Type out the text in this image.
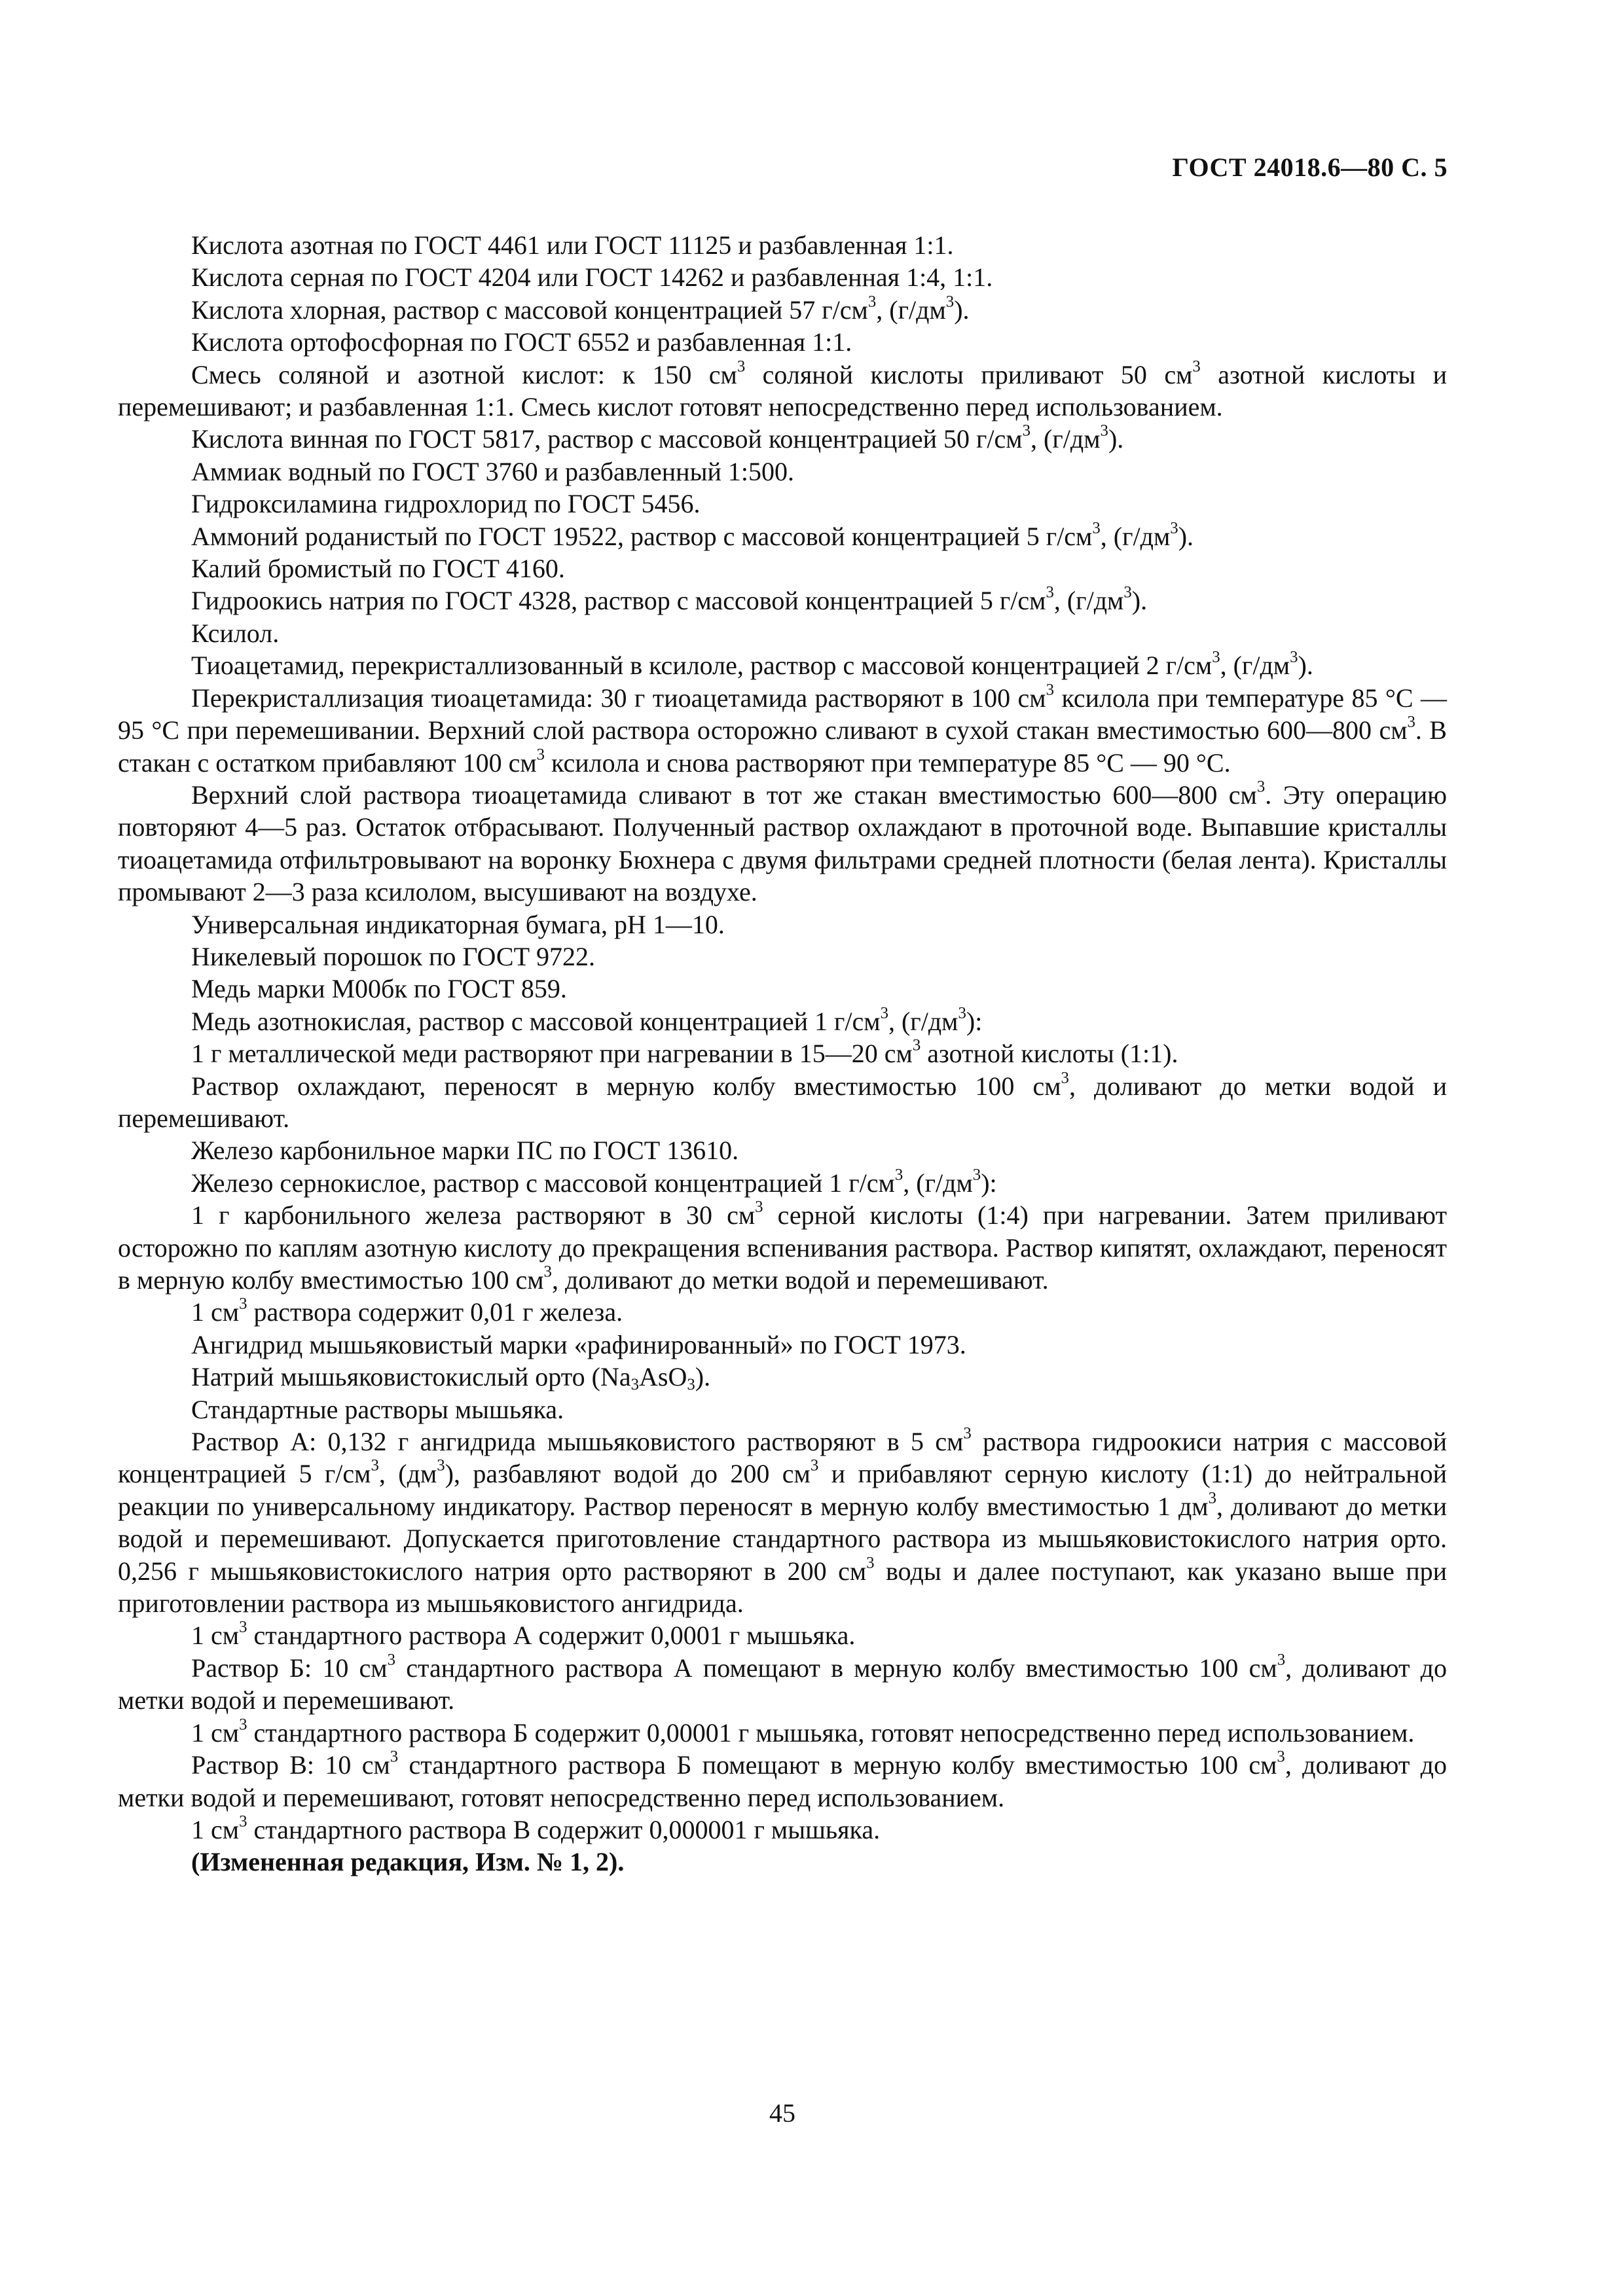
ГОСТ 24018.6—80 С. 5

Кислота азотная по ГОСТ 4461 или ГОСТ 11125 и разбавленная 1:1.

Кислота серная по ГОСТ 4204 или ГОСТ 14262 и разбавленная 1:4, 1:1.

Кислота хлорная, раствор с массовой концентрацией 57 $г/см^3$, $(г/дм^3)$.

Кислота ортофосфорная по ГОСТ 6552 и разбавленная 1:1.

Смесь соляной и азотной кислот: к 150 $см^3$ соляной кислоты приливают 50 $см^3$ азотной кислоты и перемешивают; и разбавленная 1:1. Смесь кислот готовят непосредственно перед использованием.

Кислота винная по ГОСТ 5817, раствор с массовой концентрацией 50 $г/см^3$, $(г/дм^3)$.

Аммиак водный по ГОСТ 3760 и разбавленный 1:500.

Гидроксиламина гидрохлорид по ГОСТ 5456.

Аммоний роданистый по ГОСТ 19522, раствор с массовой концентрацией 5 $г/см^3$, $(г/дм^3)$.

Калий бромистый по ГОСТ 4160.

Гидроокись натрия по ГОСТ 4328, раствор с массовой концентрацией 5 $г/см^3$, $(г/дм^3)$.

Ксилол.

Тиоацетамид, перекристаллизованный в ксилоле, раствор с массовой концентрацией 2 $г/см^3$, $(г/дм^3)$.

Перекристаллизация тиоацетамида: 30 г тиоацетамида растворяют в 100 $см^3$ ксилола при температуре 85 °С — 95 °С при перемешивании. Верхний слой раствора осторожно сливают в сухой стакан вместимостью 600—800 $см^3$. В стакан с остатком прибавляют 100 $см^3$ ксилола и снова растворяют при температуре 85 °С — 90 °С.

Верхний слой раствора тиоацетамида сливают в тот же стакан вместимостью 600—800 $см^3$. Эту операцию повторяют 4—5 раз. Остаток отбрасывают. Полученный раствор охлаждают в проточной воде. Выпавшие кристаллы тиоацетамида отфильтровывают на воронку Бюхнера с двумя фильтрами средней плотности (белая лента). Кристаллы промывают 2—3 раза ксилолом, высушивают на воздухе.

Универсальная индикаторная бумага, рН 1—10.

Никелевый порошок по ГОСТ 9722.

Медь марки М00бк по ГОСТ 859.

Медь азотнокислая, раствор с массовой концентрацией 1 $г/см^3$, $(г/дм^3)$:

1 г металлической меди растворяют при нагревании в 15—20 $см^3$ азотной кислоты (1:1).

Раствор охлаждают, переносят в мерную колбу вместимостью 100 $см^3$, доливают до метки водой и перемешивают.

Железо карбонильное марки ПС по ГОСТ 13610.

Железо сернокислое, раствор с массовой концентрацией 1 $г/см^3$, $(г/дм^3)$:

1 г карбонильного железа растворяют в 30 $см^3$ серной кислоты (1:4) при нагревании. Затем приливают осторожно по каплям азотную кислоту до прекращения вспенивания раствора. Раствор кипятят, охлаждают, переносят в мерную колбу вместимостью 100 $см^3$, доливают до метки водой и перемешивают.

1 $см^3$ раствора содержит 0,01 г железа.

Ангидрид мышьяковистый марки «рафинированный» по ГОСТ 1973.

Натрий мышьяковистокислый орто $(Na_3AsO_3)$.

Стандартные растворы мышьяка.

Раствор А: 0,132 г ангидрида мышьяковистого растворяют в 5 $см^3$ раствора гидроокиси натрия с массовой концентрацией 5 $г/см^3$, $(дм^3)$, разбавляют водой до 200 $см^3$ и прибавляют серную кислоту (1:1) до нейтральной реакции по универсальному индикатору. Раствор переносят в мерную колбу вместимостью 1 $дм^3$, доливают до метки водой и перемешивают. Допускается приготовление стандартного раствора из мышьяковистокислого натрия орто. 0,256 г мышьяковистокислого натрия орто растворяют в 200 $см^3$ воды и далее поступают, как указано выше при приготовлении раствора из мышьяковистого ангидрида.

1 $см^3$ стандартного раствора А содержит 0,0001 г мышьяка.

Раствор Б: 10 $см^3$ стандартного раствора А помещают в мерную колбу вместимостью 100 $см^3$, доливают до метки водой и перемешивают.

1 $см^3$ стандартного раствора Б содержит 0,00001 г мышьяка, готовят непосредственно перед использованием.

Раствор В: 10 $см^3$ стандартного раствора Б помещают в мерную колбу вместимостью 100 $см^3$, доливают до метки водой и перемешивают, готовят непосредственно перед использованием.

1 $см^3$ стандартного раствора В содержит 0,000001 г мышьяка.

(Измененная редакция, Изм. № 1, 2).

45
